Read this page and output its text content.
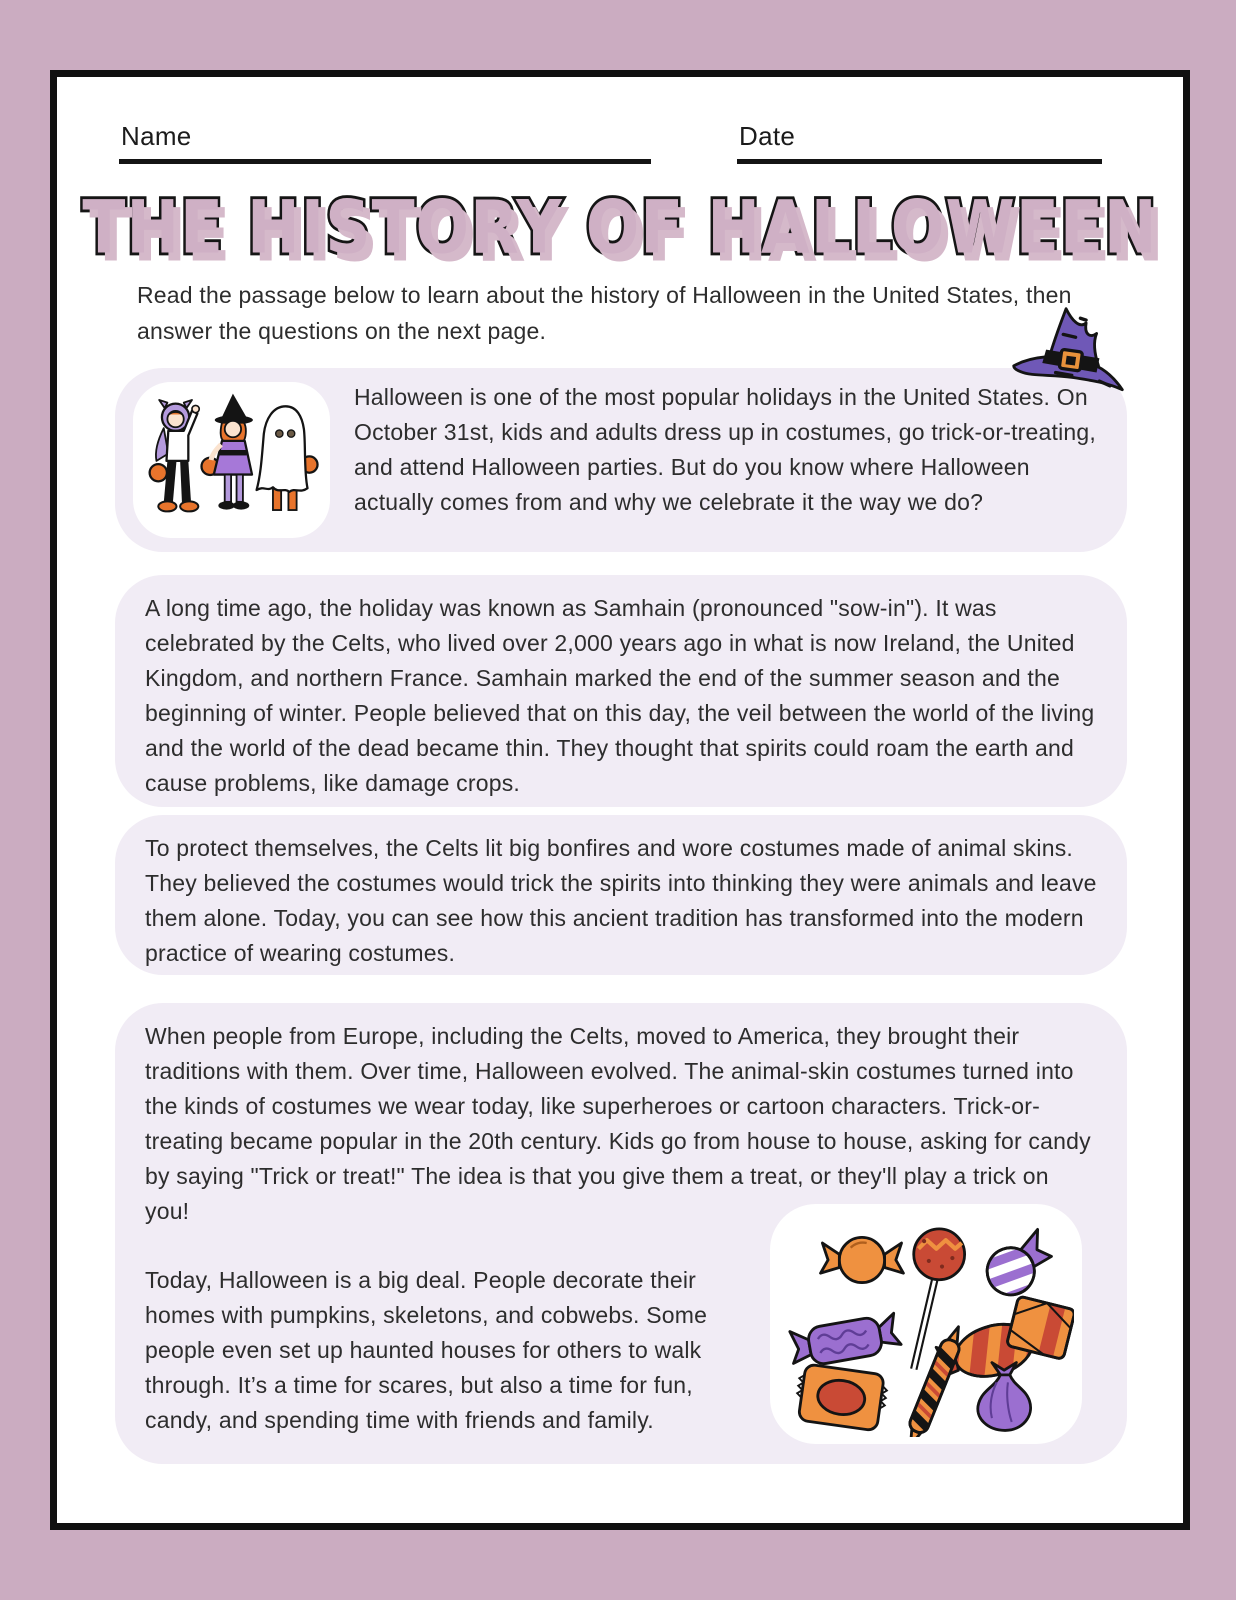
Name	Date
THE HISTORY OF HALLOWEEN

Read the passage below to learn about the history of Halloween in the United States, then answer the questions on the next page.

Halloween is one of the most popular holidays in the United States. On October 31st, kids and adults dress up in costumes, go trick-or-treating, and attend Halloween parties. But do you know where Halloween actually comes from and why we celebrate it the way we do?

A long time ago, the holiday was known as Samhain (pronounced "sow-in"). It was celebrated by the Celts, who lived over 2,000 years ago in what is now Ireland, the United Kingdom, and northern France. Samhain marked the end of the summer season and the beginning of winter. People believed that on this day, the veil between the world of the living and the world of the dead became thin. They thought that spirits could roam the earth and cause problems, like damage crops.

To protect themselves, the Celts lit big bonfires and wore costumes made of animal skins. They believed the costumes would trick the spirits into thinking they were animals and leave them alone. Today, you can see how this ancient tradition has transformed into the modern practice of wearing costumes.

When people from Europe, including the Celts, moved to America, they brought their traditions with them. Over time, Halloween evolved. The animal-skin costumes turned into the kinds of costumes we wear today, like superheroes or cartoon characters. Trick-or-treating became popular in the 20th century. Kids go from house to house, asking for candy by saying "Trick or treat!" The idea is that you give them a treat, or they'll play a trick on you!

Today, Halloween is a big deal. People decorate their homes with pumpkins, skeletons, and cobwebs. Some people even set up haunted houses for others to walk through. It’s a time for scares, but also a time for fun, candy, and spending time with friends and family.
